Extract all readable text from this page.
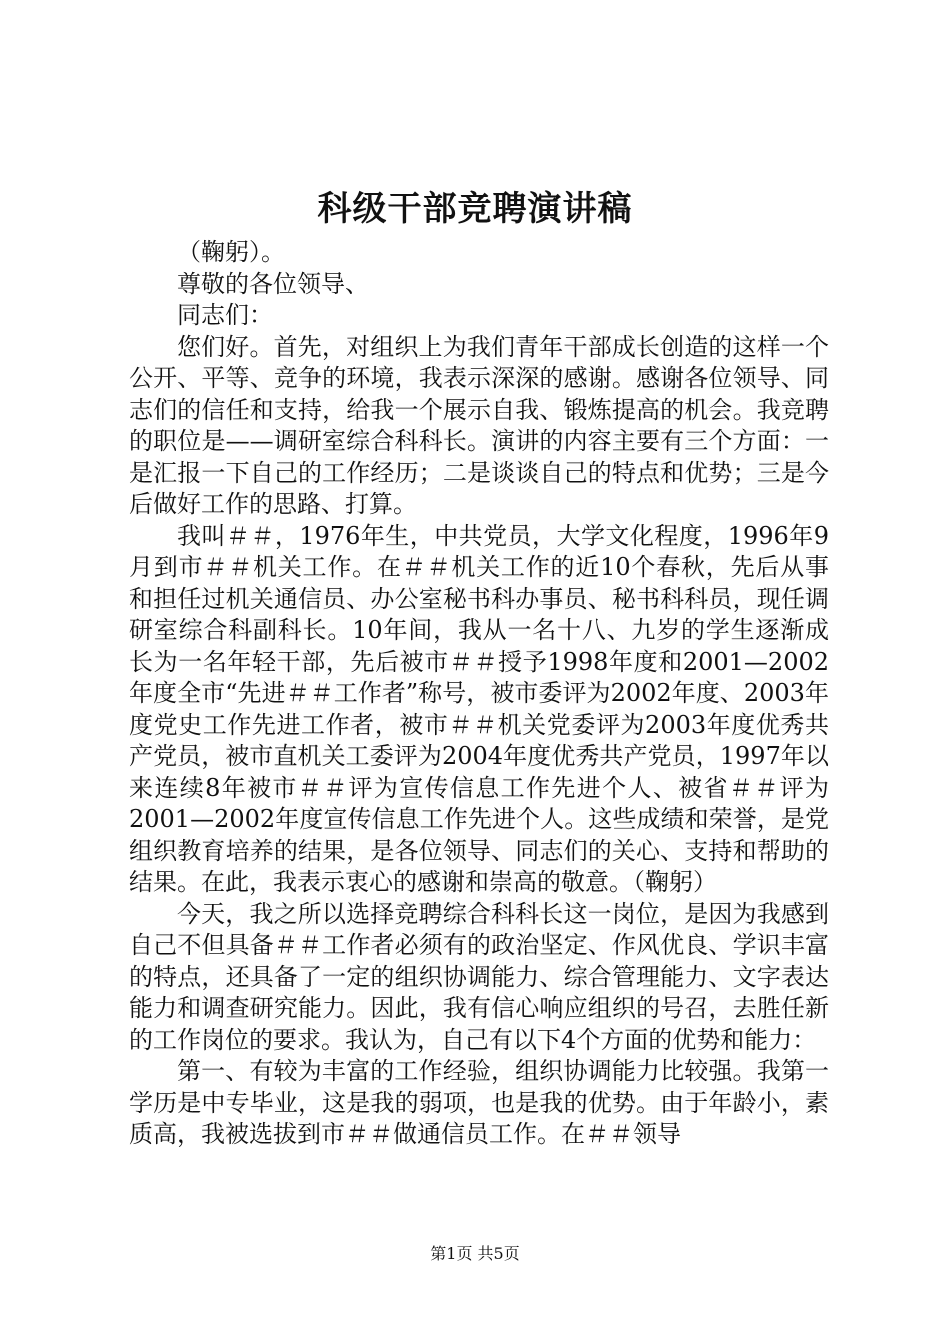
科级干部竞聘演讲稿

（鞠躬）。

尊敬的各位领导、

同志们：

您们好。首先，对组织上为我们青年干部成长创造的这样一个公开、平等、竞争的环境，我表示深深的感谢。感谢各位领导、同志们的信任和支持，给我一个展示自我、锻炼提高的机会。我竞聘的职位是——调研室综合科科长。演讲的内容主要有三个方面：一是汇报一下自己的工作经历；二是谈谈自己的特点和优势；三是今后做好工作的思路、打算。

我叫＃＃，1976年生，中共党员，大学文化程度，1996年9月到市＃＃机关工作。在＃＃机关工作的近10个春秋，先后从事和担任过机关通信员、办公室秘书科办事员、秘书科科员，现任调研室综合科副科长。10年间，我从一名十八、九岁的学生逐渐成长为一名年轻干部，先后被市＃＃授予1998年度和2001—2002年度全市“先进＃＃工作者”称号，被市委评为2002年度、2003年度党史工作先进工作者，被市＃＃机关党委评为2003年度优秀共产党员，被市直机关工委评为2004年度优秀共产党员，1997年以来连续8年被市＃＃评为宣传信息工作先进个人、被省＃＃评为2001—2002年度宣传信息工作先进个人。这些成绩和荣誉，是党组织教育培养的结果，是各位领导、同志们的关心、支持和帮助的结果。在此，我表示衷心的感谢和崇高的敬意。（鞠躬）

今天，我之所以选择竞聘综合科科长这一岗位，是因为我感到自己不但具备＃＃工作者必须有的政治坚定、作风优良、学识丰富的特点，还具备了一定的组织协调能力、综合管理能力、文字表达能力和调查研究能力。因此，我有信心响应组织的号召，去胜任新的工作岗位的要求。我认为，自己有以下4个方面的优势和能力：

第一、有较为丰富的工作经验，组织协调能力比较强。我第一学历是中专毕业，这是我的弱项，也是我的优势。由于年龄小，素质高，我被选拔到市＃＃做通信员工作。在＃＃领导

第1页 共5页
